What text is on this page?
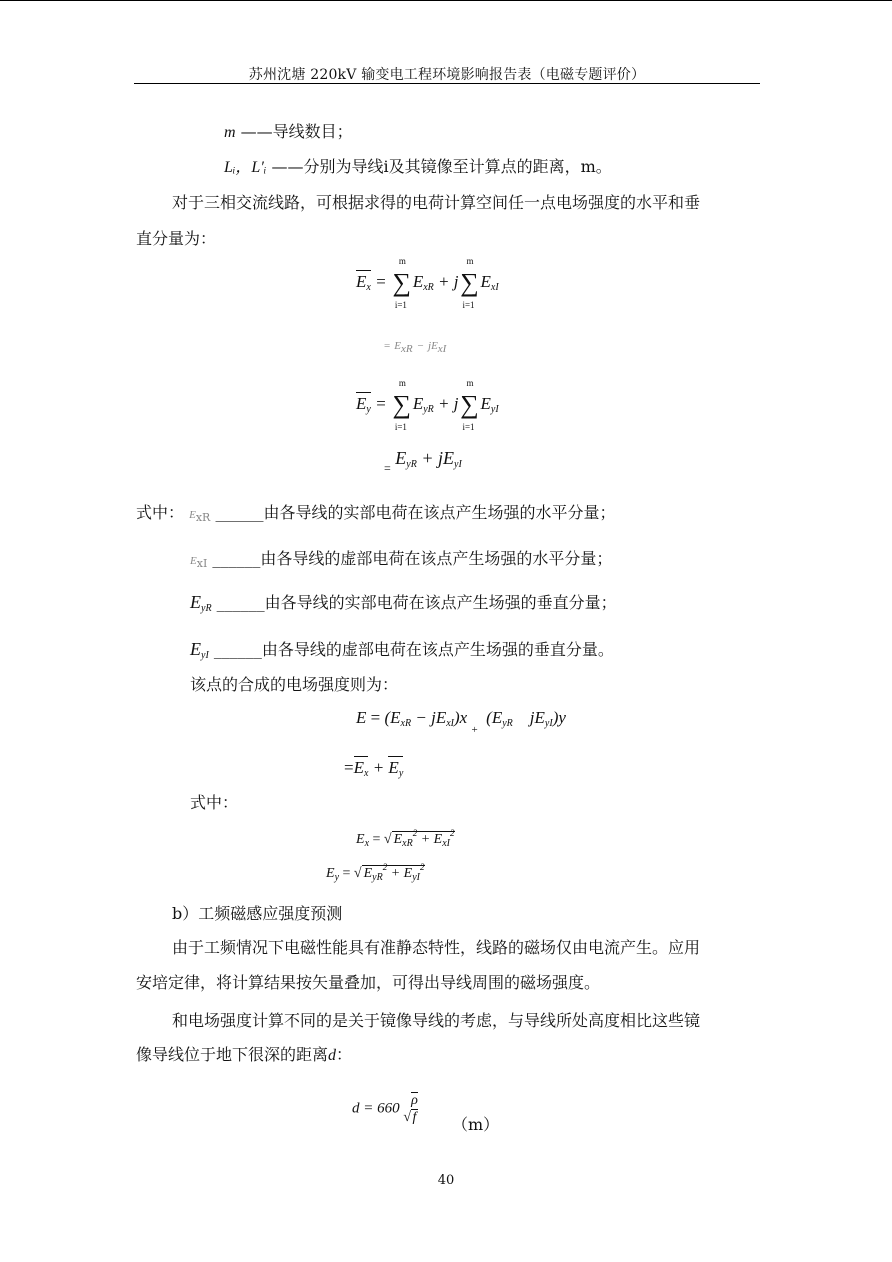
苏州沈塘 220kV 输变电工程环境影响报告表（电磁专题评价）
m ——导线数目；
Lᵢ，L′ᵢ ——分别为导线i及其镜像至计算点的距离，m。
对于三相交流线路，可根据求得的电荷计算空间任一点电场强度的水平和垂
直分量为：
$E_x$ = ∑
m
i=1
$E_{xR} + j\sum$
m
i=1
$E_{xI}$
= $E_{xR} - jE_{xI}$
$E_y$ = ∑
m
i=1
$E_{yR} + j\sum$
m
i=1
$E_{yI}$
$_=$ $E_{yR} + jE_{yI}$
式中： $E_{xR}$ ______由各导线的实部电荷在该点产生场强的水平分量；
$E_{xI}$ ______由各导线的虚部电荷在该点产生场强的水平分量；
$E_{yR}$ ______由各导线的实部电荷在该点产生场强的垂直分量；
$E_{yI}$ ______由各导线的虚部电荷在该点产生场强的垂直分量。
该点的合成的电场强度则为：
$E = (E_{xR} - jE_{xI})x$ $_+$  ($E_{yR}$ $jE_{yI})y$
$=E_x + E_y$
式中：
$E_x$ = √ $E_{xR}^2 + E_{xI}^2$
$E_y$ = √ $E_{yR}^2 + E_{yI}^2$
b）工频磁感应强度预测
由于工频情况下电磁性能具有准静态特性，线路的磁场仅由电流产生。应用
安培定律，将计算结果按矢量叠加，可得出导线周围的磁场强度。
和电场强度计算不同的是关于镜像导线的考虑，与导线所处高度相比这些镜
像导线位于地下很深的距离d：
d = 660 √ $\frac{\rho}{f} (m)$
40
